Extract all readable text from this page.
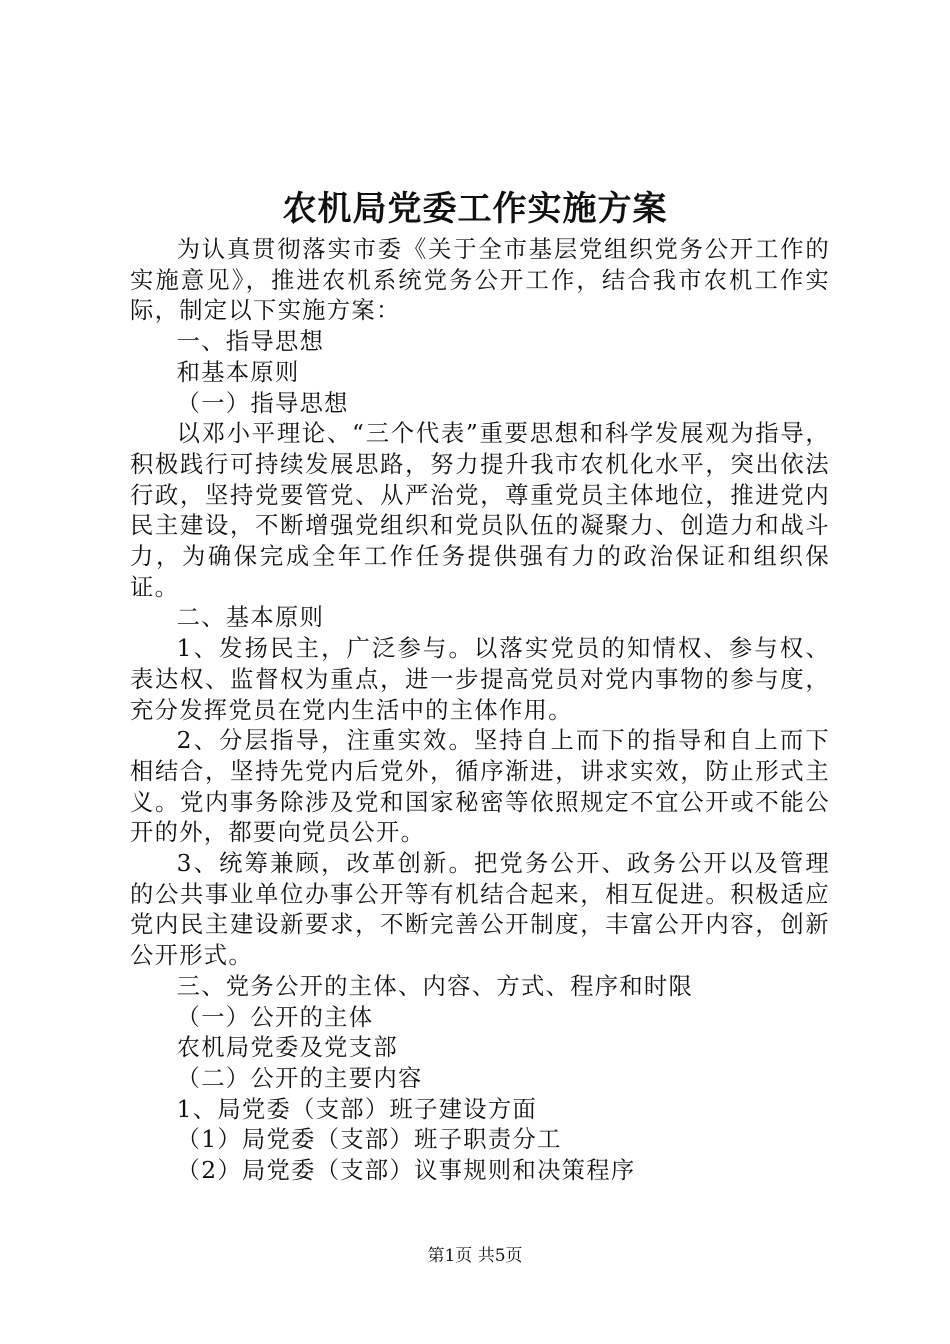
农机局党委工作实施方案

为认真贯彻落实市委《关于全市基层党组织党务公开工作的实施意见》，推进农机系统党务公开工作，结合我市农机工作实际，制定以下实施方案：

一、指导思想

和基本原则

（一）指导思想

以邓小平理论、“三个代表”重要思想和科学发展观为指导，积极践行可持续发展思路，努力提升我市农机化水平，突出依法行政，坚持党要管党、从严治党，尊重党员主体地位，推进党内民主建设，不断增强党组织和党员队伍的凝聚力、创造力和战斗力，为确保完成全年工作任务提供强有力的政治保证和组织保证。

二、基本原则

1、发扬民主，广泛参与。以落实党员的知情权、参与权、表达权、监督权为重点，进一步提高党员对党内事物的参与度，充分发挥党员在党内生活中的主体作用。

2、分层指导，注重实效。坚持自上而下的指导和自上而下相结合，坚持先党内后党外，循序渐进，讲求实效，防止形式主义。党内事务除涉及党和国家秘密等依照规定不宜公开或不能公开的外，都要向党员公开。

3、统筹兼顾，改革创新。把党务公开、政务公开以及管理的公共事业单位办事公开等有机结合起来，相互促进。积极适应党内民主建设新要求，不断完善公开制度，丰富公开内容，创新公开形式。

三、党务公开的主体、内容、方式、程序和时限

（一）公开的主体

农机局党委及党支部

（二）公开的主要内容

1、局党委（支部）班子建设方面

（1）局党委（支部）班子职责分工

（2）局党委（支部）议事规则和决策程序

第1页 共5页
